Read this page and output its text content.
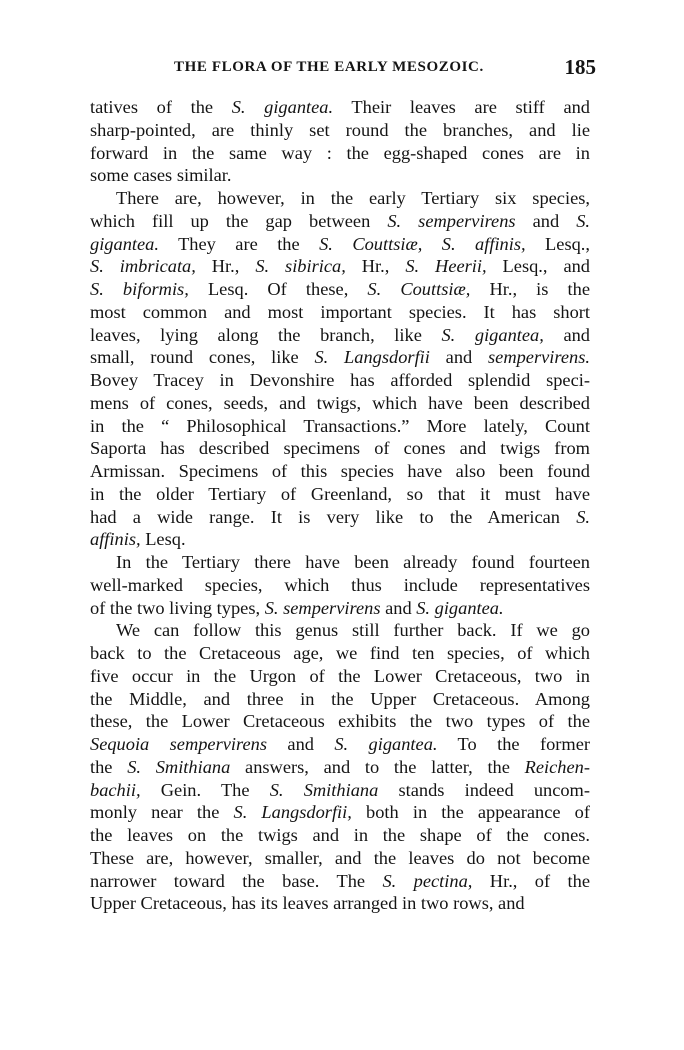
THE FLORA OF THE EARLY MESOZOIC.	185
tatives of the S. gigantea. Their leaves are stiff and
sharp-pointed, are thinly set round the branches, and lie
forward in the same way : the egg-shaped cones are in
some cases similar.
There are, however, in the early Tertiary six species,
which fill up the gap between S. sempervirens and S.
gigantea. They are the S. Couttsiæ, S. affinis, Lesq.,
S. imbricata, Hr., S. sibirica, Hr., S. Heerii, Lesq., and
S. biformis, Lesq. Of these, S. Couttsiæ, Hr., is the
most common and most important species. It has short
leaves, lying along the branch, like S. gigantea, and
small, round cones, like S. Langsdorfii and sempervirens.
Bovey Tracey in Devonshire has afforded splendid speci-
mens of cones, seeds, and twigs, which have been described
in the “ Philosophical Transactions.” More lately, Count
Saporta has described specimens of cones and twigs from
Armissan. Specimens of this species have also been found
in the older Tertiary of Greenland, so that it must have
had a wide range. It is very like to the American S.
affinis, Lesq.
In the Tertiary there have been already found fourteen
well-marked species, which thus include representatives
of the two living types, S. sempervirens and S. gigantea.
We can follow this genus still further back. If we go
back to the Cretaceous age, we find ten species, of which
five occur in the Urgon of the Lower Cretaceous, two in
the Middle, and three in the Upper Cretaceous. Among
these, the Lower Cretaceous exhibits the two types of the
Sequoia sempervirens and S. gigantea. To the former
the S. Smithiana answers, and to the latter, the Reichen-
bachii, Gein. The S. Smithiana stands indeed uncom-
monly near the S. Langsdorfii, both in the appearance of
the leaves on the twigs and in the shape of the cones.
These are, however, smaller, and the leaves do not become
narrower toward the base. The S. pectina, Hr., of the
Upper Cretaceous, has its leaves arranged in two rows, and
